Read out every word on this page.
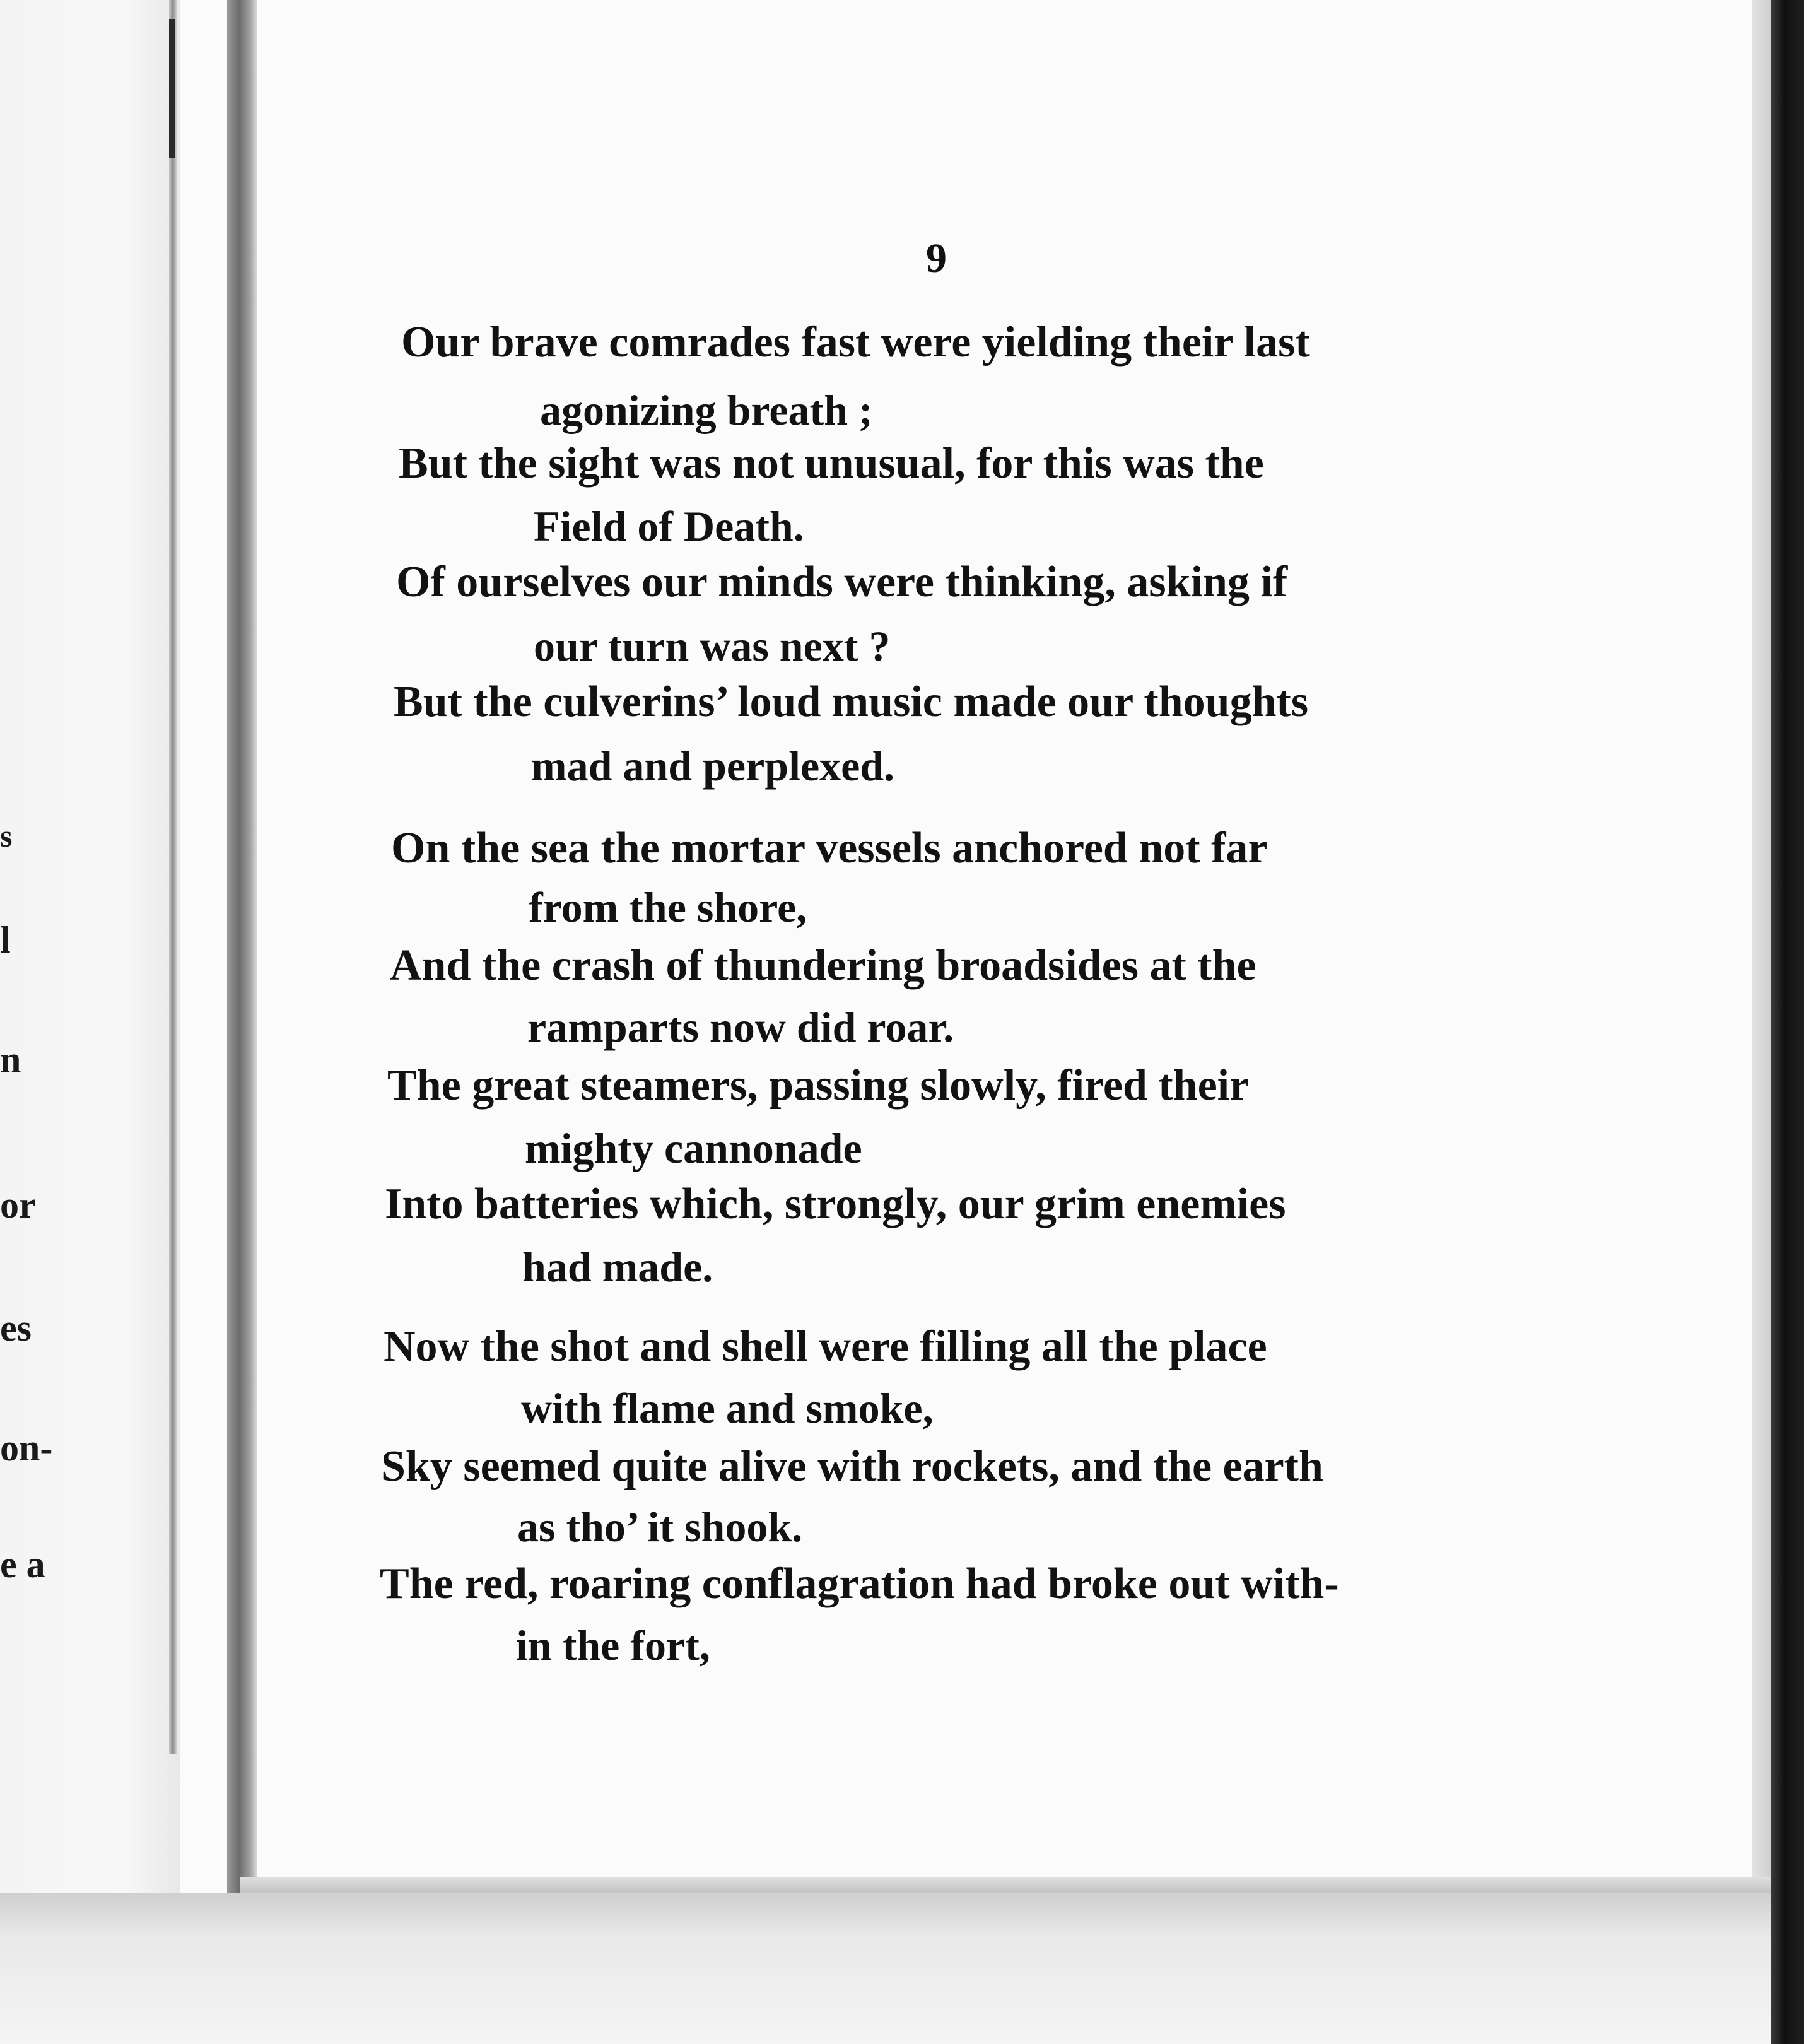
s
l
n
or
es
on-
e a
9
Our brave comrades fast were yielding their last
agonizing breath ;
But the sight was not unusual, for this was the
Field of Death.
Of ourselves our minds were thinking, asking if
our turn was next ?
But the culverins’ loud music made our thoughts
mad and perplexed.
On the sea the mortar vessels anchored not far
from the shore,
And the crash of thundering broadsides at the
ramparts now did roar.
The great steamers, passing slowly, fired their
mighty cannonade
Into batteries which, strongly, our grim enemies
had made.
Now the shot and shell were filling all the place
with flame and smoke,
Sky seemed quite alive with rockets, and the earth
as tho’ it shook.
The red, roaring conflagration had broke out with-
in the fort,
